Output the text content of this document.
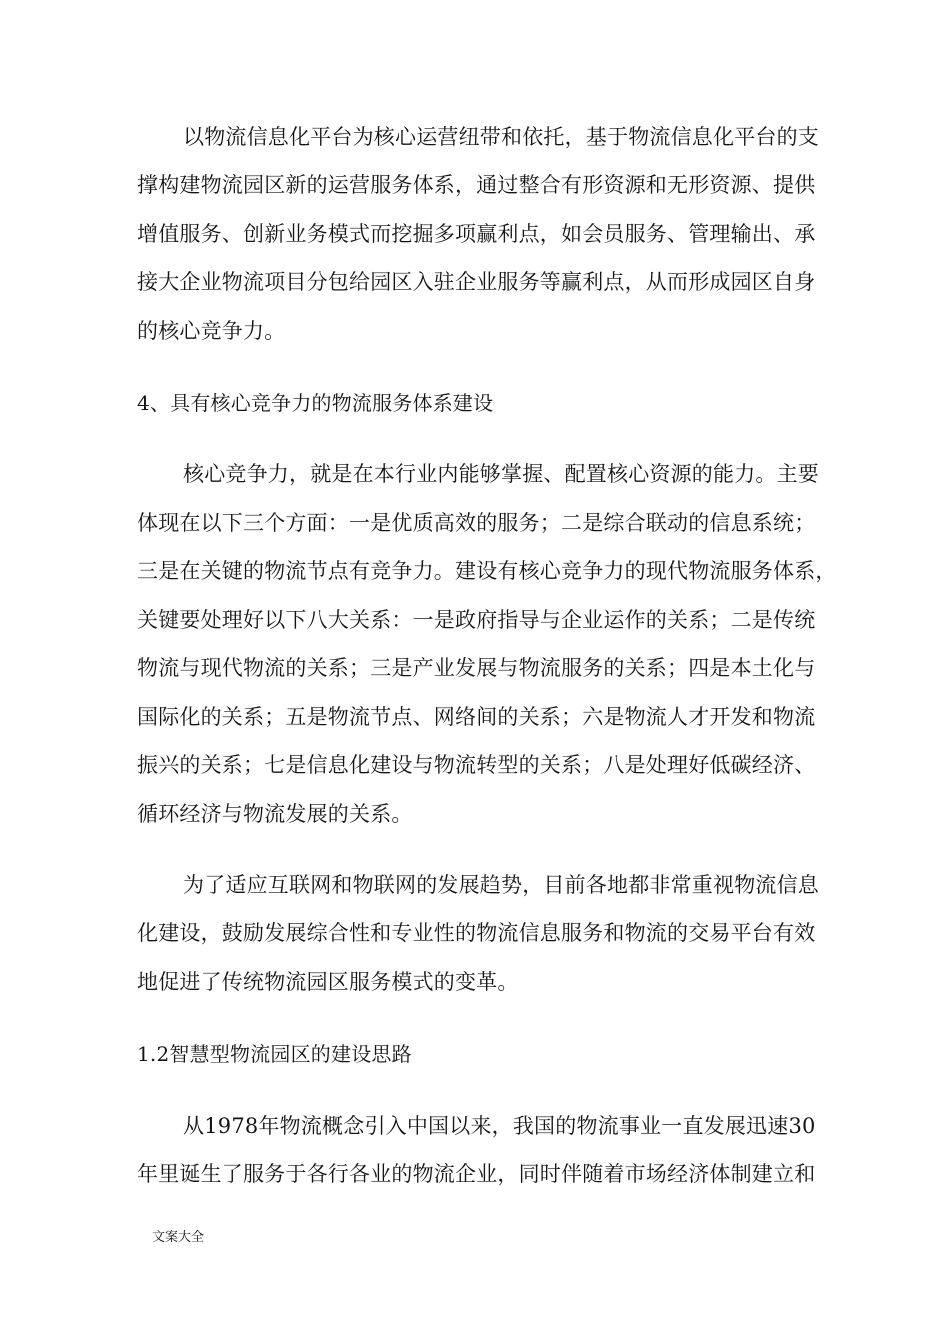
以物流信息化平台为核心运营纽带和依托，基于物流信息化平台的支
撑构建物流园区新的运营服务体系，通过整合有形资源和无形资源、提供
增值服务、创新业务模式而挖掘多项赢利点，如会员服务、管理输出、承
接大企业物流项目分包给园区入驻企业服务等赢利点，从而形成园区自身
的核心竞争力。
4、具有核心竞争力的物流服务体系建设
核心竞争力，就是在本行业内能够掌握、配置核心资源的能力。主要
体现在以下三个方面：一是优质高效的服务；二是综合联动的信息系统；
三是在关键的物流节点有竞争力。建设有核心竞争力的现代物流服务体系，
关键要处理好以下八大关系：一是政府指导与企业运作的关系；二是传统
物流与现代物流的关系；三是产业发展与物流服务的关系；四是本土化与
国际化的关系；五是物流节点、网络间的关系；六是物流人才开发和物流
振兴的关系；七是信息化建设与物流转型的关系；八是处理好低碳经济、
循环经济与物流发展的关系。
为了适应互联网和物联网的发展趋势，目前各地都非常重视物流信息
化建设，鼓励发展综合性和专业性的物流信息服务和物流的交易平台有效
地促进了传统物流园区服务模式的变革。
1.2智慧型物流园区的建设思路
从1978年物流概念引入中国以来，我国的物流事业一直发展迅速30
年里诞生了服务于各行各业的物流企业，同时伴随着市场经济体制建立和
文案大全
